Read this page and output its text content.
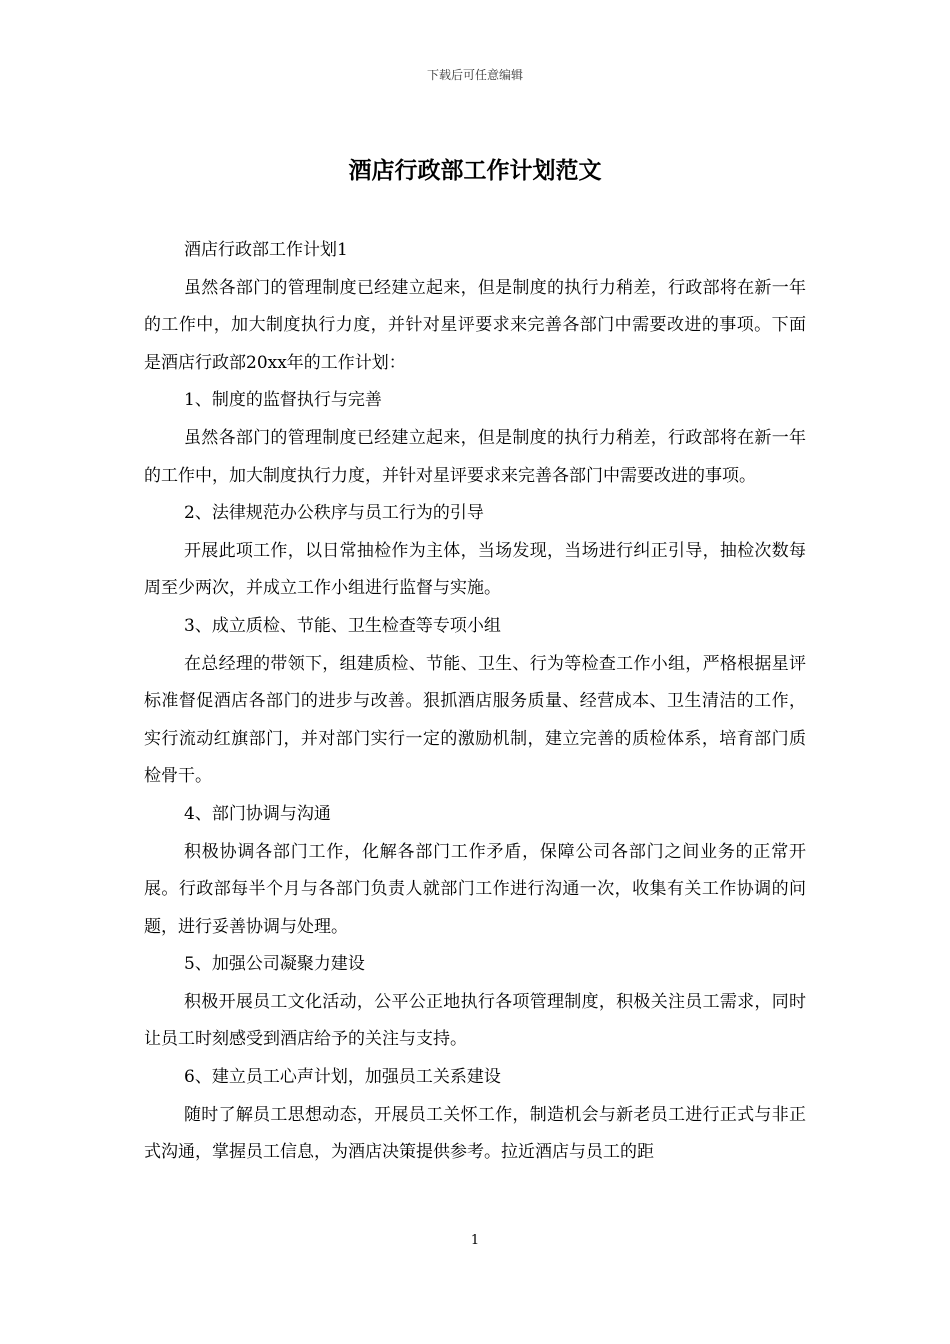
下载后可任意编辑
酒店行政部工作计划范文

酒店行政部工作计划1

虽然各部门的管理制度已经建立起来，但是制度的执行力稍差，行政部将在新一年的工作中，加大制度执行力度，并针对星评要求来完善各部门中需要改进的事项。下面是酒店行政部20xx年的工作计划：

1、制度的监督执行与完善

虽然各部门的管理制度已经建立起来，但是制度的执行力稍差，行政部将在新一年的工作中，加大制度执行力度，并针对星评要求来完善各部门中需要改进的事项。

2、法律规范办公秩序与员工行为的引导

开展此项工作，以日常抽检作为主体，当场发现，当场进行纠正引导，抽检次数每周至少两次，并成立工作小组进行监督与实施。

3、成立质检、节能、卫生检查等专项小组

在总经理的带领下，组建质检、节能、卫生、行为等检查工作小组，严格根据星评标准督促酒店各部门的进步与改善。狠抓酒店服务质量、经营成本、卫生清洁的工作，实行流动红旗部门，并对部门实行一定的激励机制，建立完善的质检体系，培育部门质检骨干。

4、部门协调与沟通

积极协调各部门工作，化解各部门工作矛盾，保障公司各部门之间业务的正常开展。行政部每半个月与各部门负责人就部门工作进行沟通一次，收集有关工作协调的问题，进行妥善协调与处理。

5、加强公司凝聚力建设

积极开展员工文化活动，公平公正地执行各项管理制度，积极关注员工需求，同时让员工时刻感受到酒店给予的关注与支持。

6、建立员工心声计划，加强员工关系建设

随时了解员工思想动态，开展员工关怀工作，制造机会与新老员工进行正式与非正式沟通，掌握员工信息，为酒店决策提供参考。拉近酒店与员工的距

1
